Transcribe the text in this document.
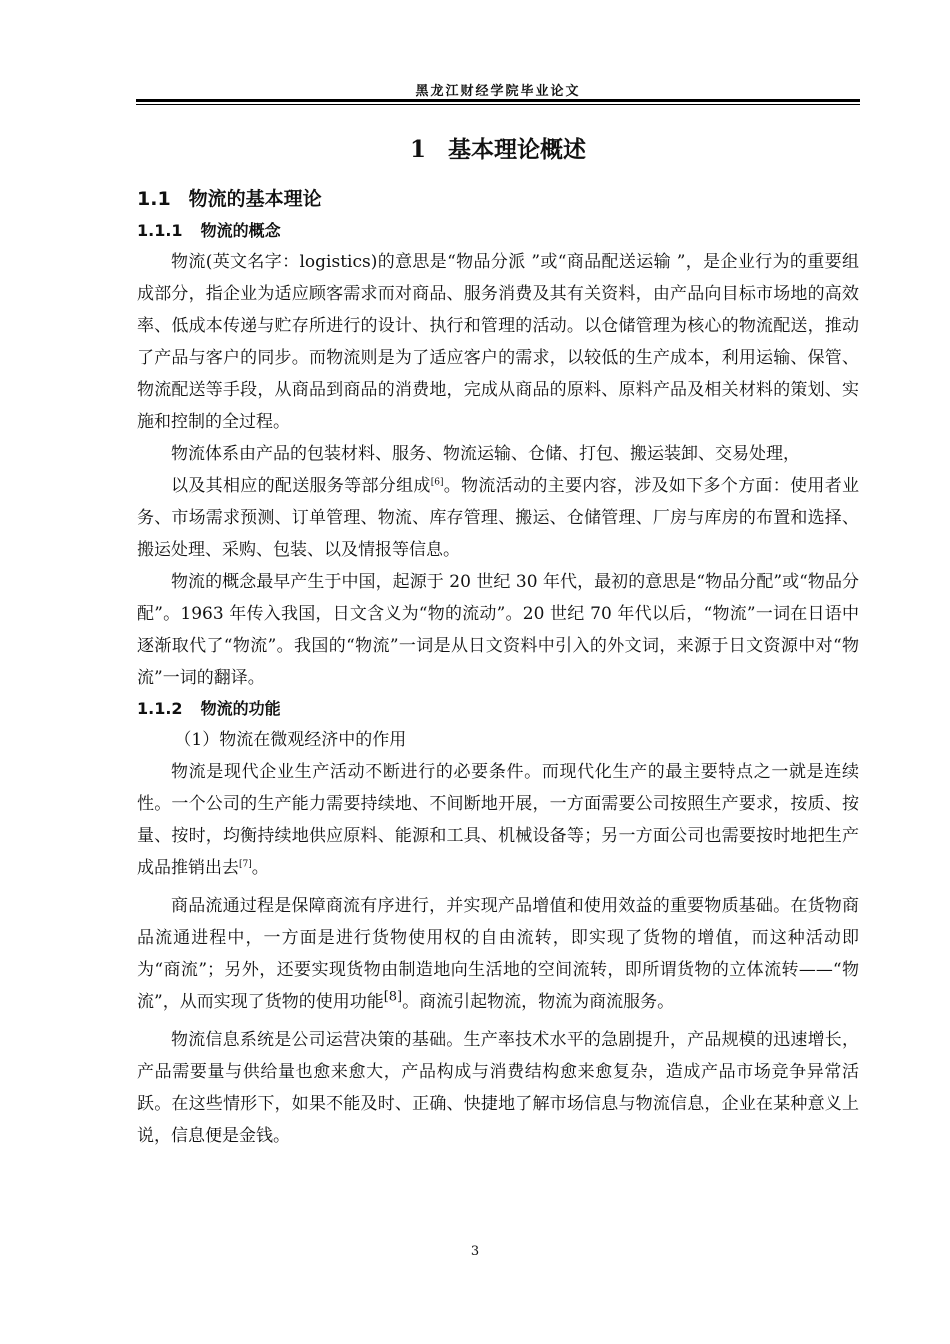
黑龙江财经学院毕业论文
1 基本理论概述
1.1 物流的基本理论
1.1.1 物流的概念

物流(英文名字：logistics)的意思是“物品分派 ”或“商品配送运输 ”，是企业行为的重要组成部分，指企业为适应顾客需求而对商品、服务消费及其有关资料，由产品向目标市场地的高效率、低成本传递与贮存所进行的设计、执行和管理的活动。以仓储管理为核心的物流配送，推动了产品与客户的同步。而物流则是为了适应客户的需求，以较低的生产成本，利用运输、保管、物流配送等手段，从商品到商品的消费地，完成从商品的原料、原料产品及相关材料的策划、实施和控制的全过程。

物流体系由产品的包装材料、服务、物流运输、仓储、打包、搬运装卸、交易处理，

以及其相应的配送服务等部分组成[6]。物流活动的主要内容，涉及如下多个方面：使用者业务、市场需求预测、订单管理、物流、库存管理、搬运、仓储管理、厂房与库房的布置和选择、搬运处理、采购、包装、以及情报等信息。

物流的概念最早产生于中国，起源于 20 世纪 30 年代，最初的意思是“物品分配”或“物品分配”。1963 年传入我国，日文含义为“物的流动”。20 世纪 70 年代以后，“物流”一词在日语中逐渐取代了“物流”。我国的“物流”一词是从日文资料中引入的外文词，来源于日文资源中对“物流”一词的翻译。

1.1.2 物流的功能

（1）物流在微观经济中的作用

物流是现代企业生产活动不断进行的必要条件。而现代化生产的最主要特点之一就是连续性。一个公司的生产能力需要持续地、不间断地开展，一方面需要公司按照生产要求，按质、按量、按时，均衡持续地供应原料、能源和工具、机械设备等；另一方面公司也需要按时地把生产成品推销出去[7]。

商品流通过程是保障商流有序进行，并实现产品增值和使用效益的重要物质基础。在货物商品流通进程中，一方面是进行货物使用权的自由流转，即实现了货物的增值，而这种活动即为“商流”；另外，还要实现货物由制造地向生活地的空间流转，即所谓货物的立体流转——“物流”，从而实现了货物的使用功能[8]。商流引起物流，物流为商流服务。

物流信息系统是公司运营决策的基础。生产率技术水平的急剧提升，产品规模的迅速增长，产品需要量与供给量也愈来愈大，产品构成与消费结构愈来愈复杂，造成产品市场竞争异常活跃。在这些情形下，如果不能及时、正确、快捷地了解市场信息与物流信息，企业在某种意义上说，信息便是金钱。

3
